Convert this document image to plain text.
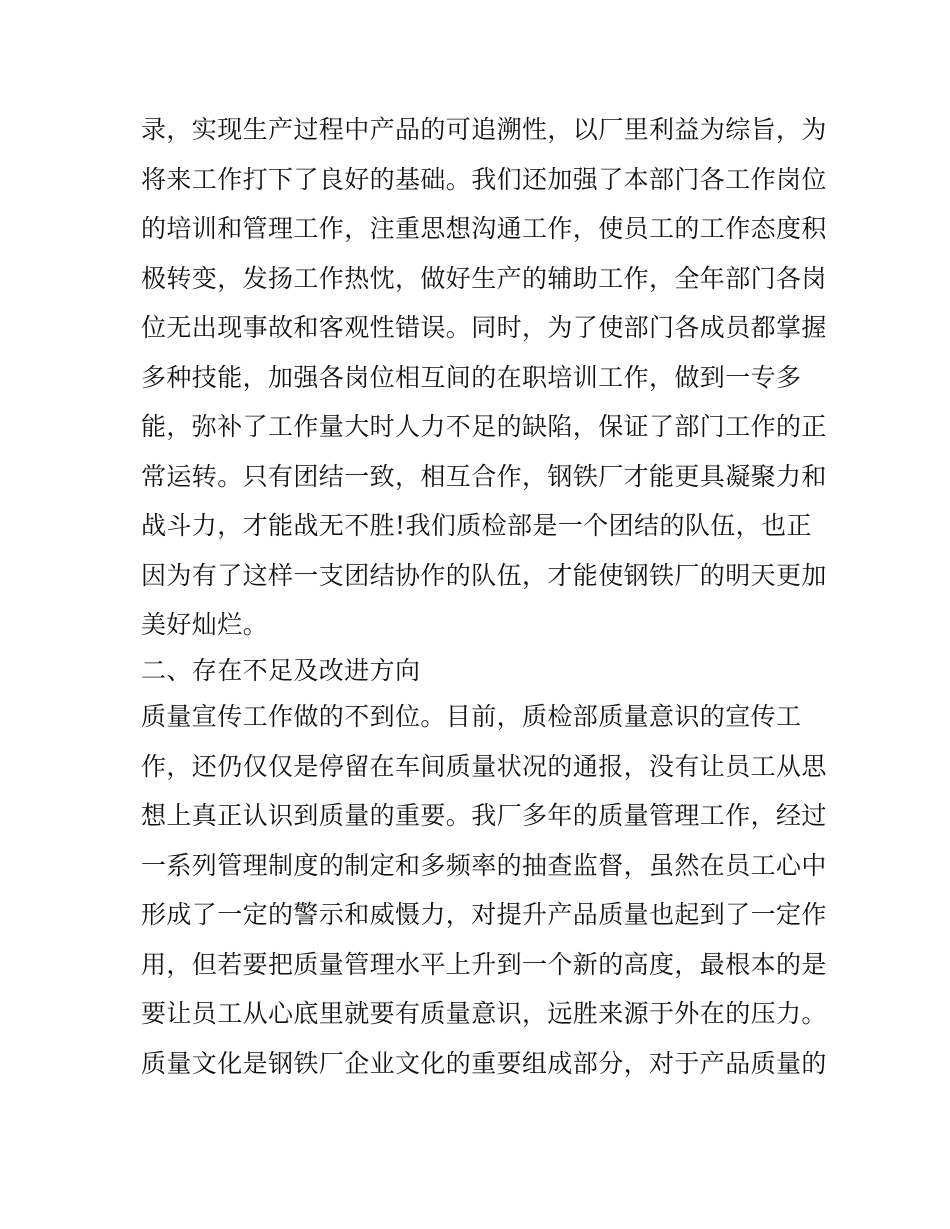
录，实现生产过程中产品的可追溯性，以厂里利益为综旨，为

将来工作打下了良好的基础。我们还加强了本部门各工作岗位

的培训和管理工作，注重思想沟通工作，使员工的工作态度积

极转变，发扬工作热忱，做好生产的辅助工作，全年部门各岗

位无出现事故和客观性错误。同时，为了使部门各成员都掌握

多种技能，加强各岗位相互间的在职培训工作，做到一专多

能，弥补了工作量大时人力不足的缺陷，保证了部门工作的正

常运转。只有团结一致，相互合作，钢铁厂才能更具凝聚力和

战斗力，才能战无不胜!我们质检部是一个团结的队伍，也正

因为有了这样一支团结协作的队伍，才能使钢铁厂的明天更加

美好灿烂。

二、存在不足及改进方向

质量宣传工作做的不到位。目前，质检部质量意识的宣传工

作，还仍仅仅是停留在车间质量状况的通报，没有让员工从思

想上真正认识到质量的重要。我厂多年的质量管理工作，经过

一系列管理制度的制定和多频率的抽查监督，虽然在员工心中

形成了一定的警示和威慑力，对提升产品质量也起到了一定作

用，但若要把质量管理水平上升到一个新的高度，最根本的是

要让员工从心底里就要有质量意识，远胜来源于外在的压力。

质量文化是钢铁厂企业文化的重要组成部分，对于产品质量的
